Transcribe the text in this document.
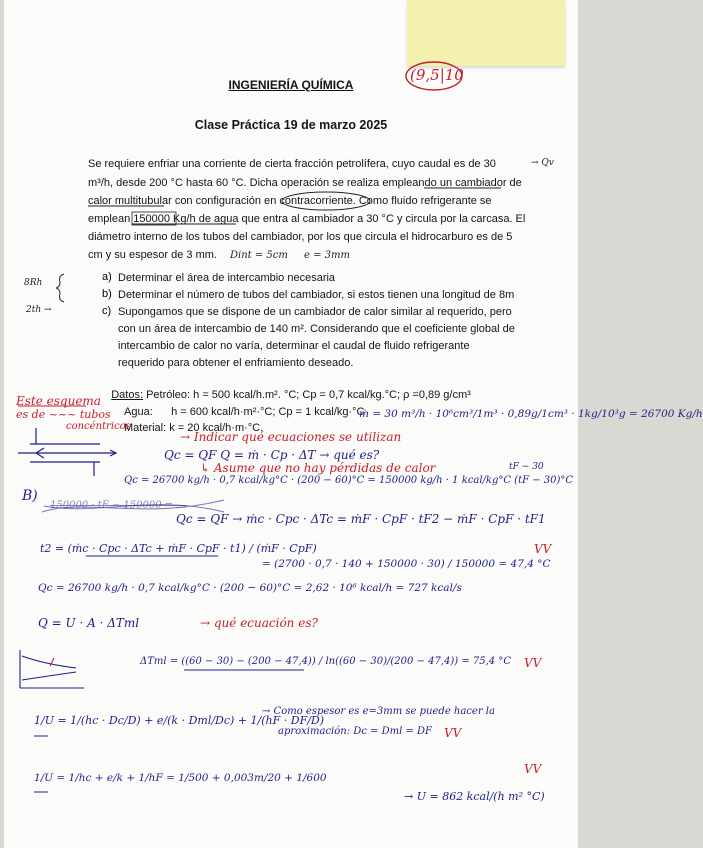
(9,5|10
INGENIERÍA QUÍMICA
Clase Práctica 19 de marzo 2025
Se requiere enfriar una corriente de cierta fracción petrolífera, cuyo caudal es de 30
m³/h, desde 200 °C hasta 60 °C. Dicha operación se realiza empleando un cambiador de
calor multitubular con configuración en contracorriente. Como fluido refrigerante se
emplean 150000 Kg/h de agua que entra al cambiador a 30 °C y circula por la carcasa. El
diámetro interno de los tubos del cambiador, por los que circula el hidrocarburo es de 5
cm y su espesor de 3 mm.
→ Qv
Dint = 5cm e = 3mm
8Rh
2th →
a) Determinar el área de intercambio necesaria
b) Determinar el número de tubos del cambiador, si estos tienen una longitud de 8m
c) Supongamos que se dispone de un cambiador de calor similar al requerido, pero
con un área de intercambio de 140 m². Considerando que el coeficiente global de
intercambio de calor no varía, determinar el caudal de fluido refrigerante
requerido para obtener el enfriamiento deseado.
Datos: Petróleo: h = 500 kcal/h.m². °C; Cp = 0,7 kcal/kg.°C; ρ =0,89 g/cm³
Agua:      h = 600 kcal/h·m²·°C; Cp = 1 kcal/kg·°C
Material: k = 20 kcal/h·m·°C.
Este esquema
es de ~~~ tubos
concéntricos
ṁ = 30 m³/h · 10⁶cm³/1m³ · 0,89g/1cm³ · 1kg/10³g = 26700 Kg/h
→ Indicar qué ecuaciones se utilizan
Qc = QF Q = ṁ · Cp · ΔT → qué es?
↳ Asume que no hay pérdidas de calor
Qc = 26700 kg/h · 0,7 kcal/kg°C · (200 − 60)°C = 150000 kg/h · 1 kcal/kg°C (tF − 30)°C
tF − 30
B)
150000 · tF − 150000 = ...
Qc = QF → ṁc · Cpc · ΔTc = ṁF · CpF · tF2 − ṁF · CpF · tF1
t2 = (ṁc · Cpc · ΔTc + ṁF · CpF · t1) / (ṁF · CpF)
= (2700 · 0,7 · 140 + 150000 · 30) / 150000 = 47,4 °C
VV
Qc = 26700 kg/h · 0,7 kcal/kg°C · (200 − 60)°C = 2,62 · 10⁶ kcal/h = 727 kcal/s
Q = U · A · ΔTml	→ qué ecuación es?
ΔTml = ((60 − 30) − (200 − 47,4)) / ln((60 − 30)/(200 − 47,4)) = 75,4 °C VV
1/U = 1/(hc · Dc/D) + e/(k · Dml/Dc) + 1/(hF · DF/D)
→ Como espesor es e=3mm se puede hacer la
aproximación: Dc = Dml = DF VV
1/U = 1/hc + e/k + 1/hF = 1/500 + 0,003m/20 + 1/600
→ U = 862 kcal/(h m² °C)
VV
